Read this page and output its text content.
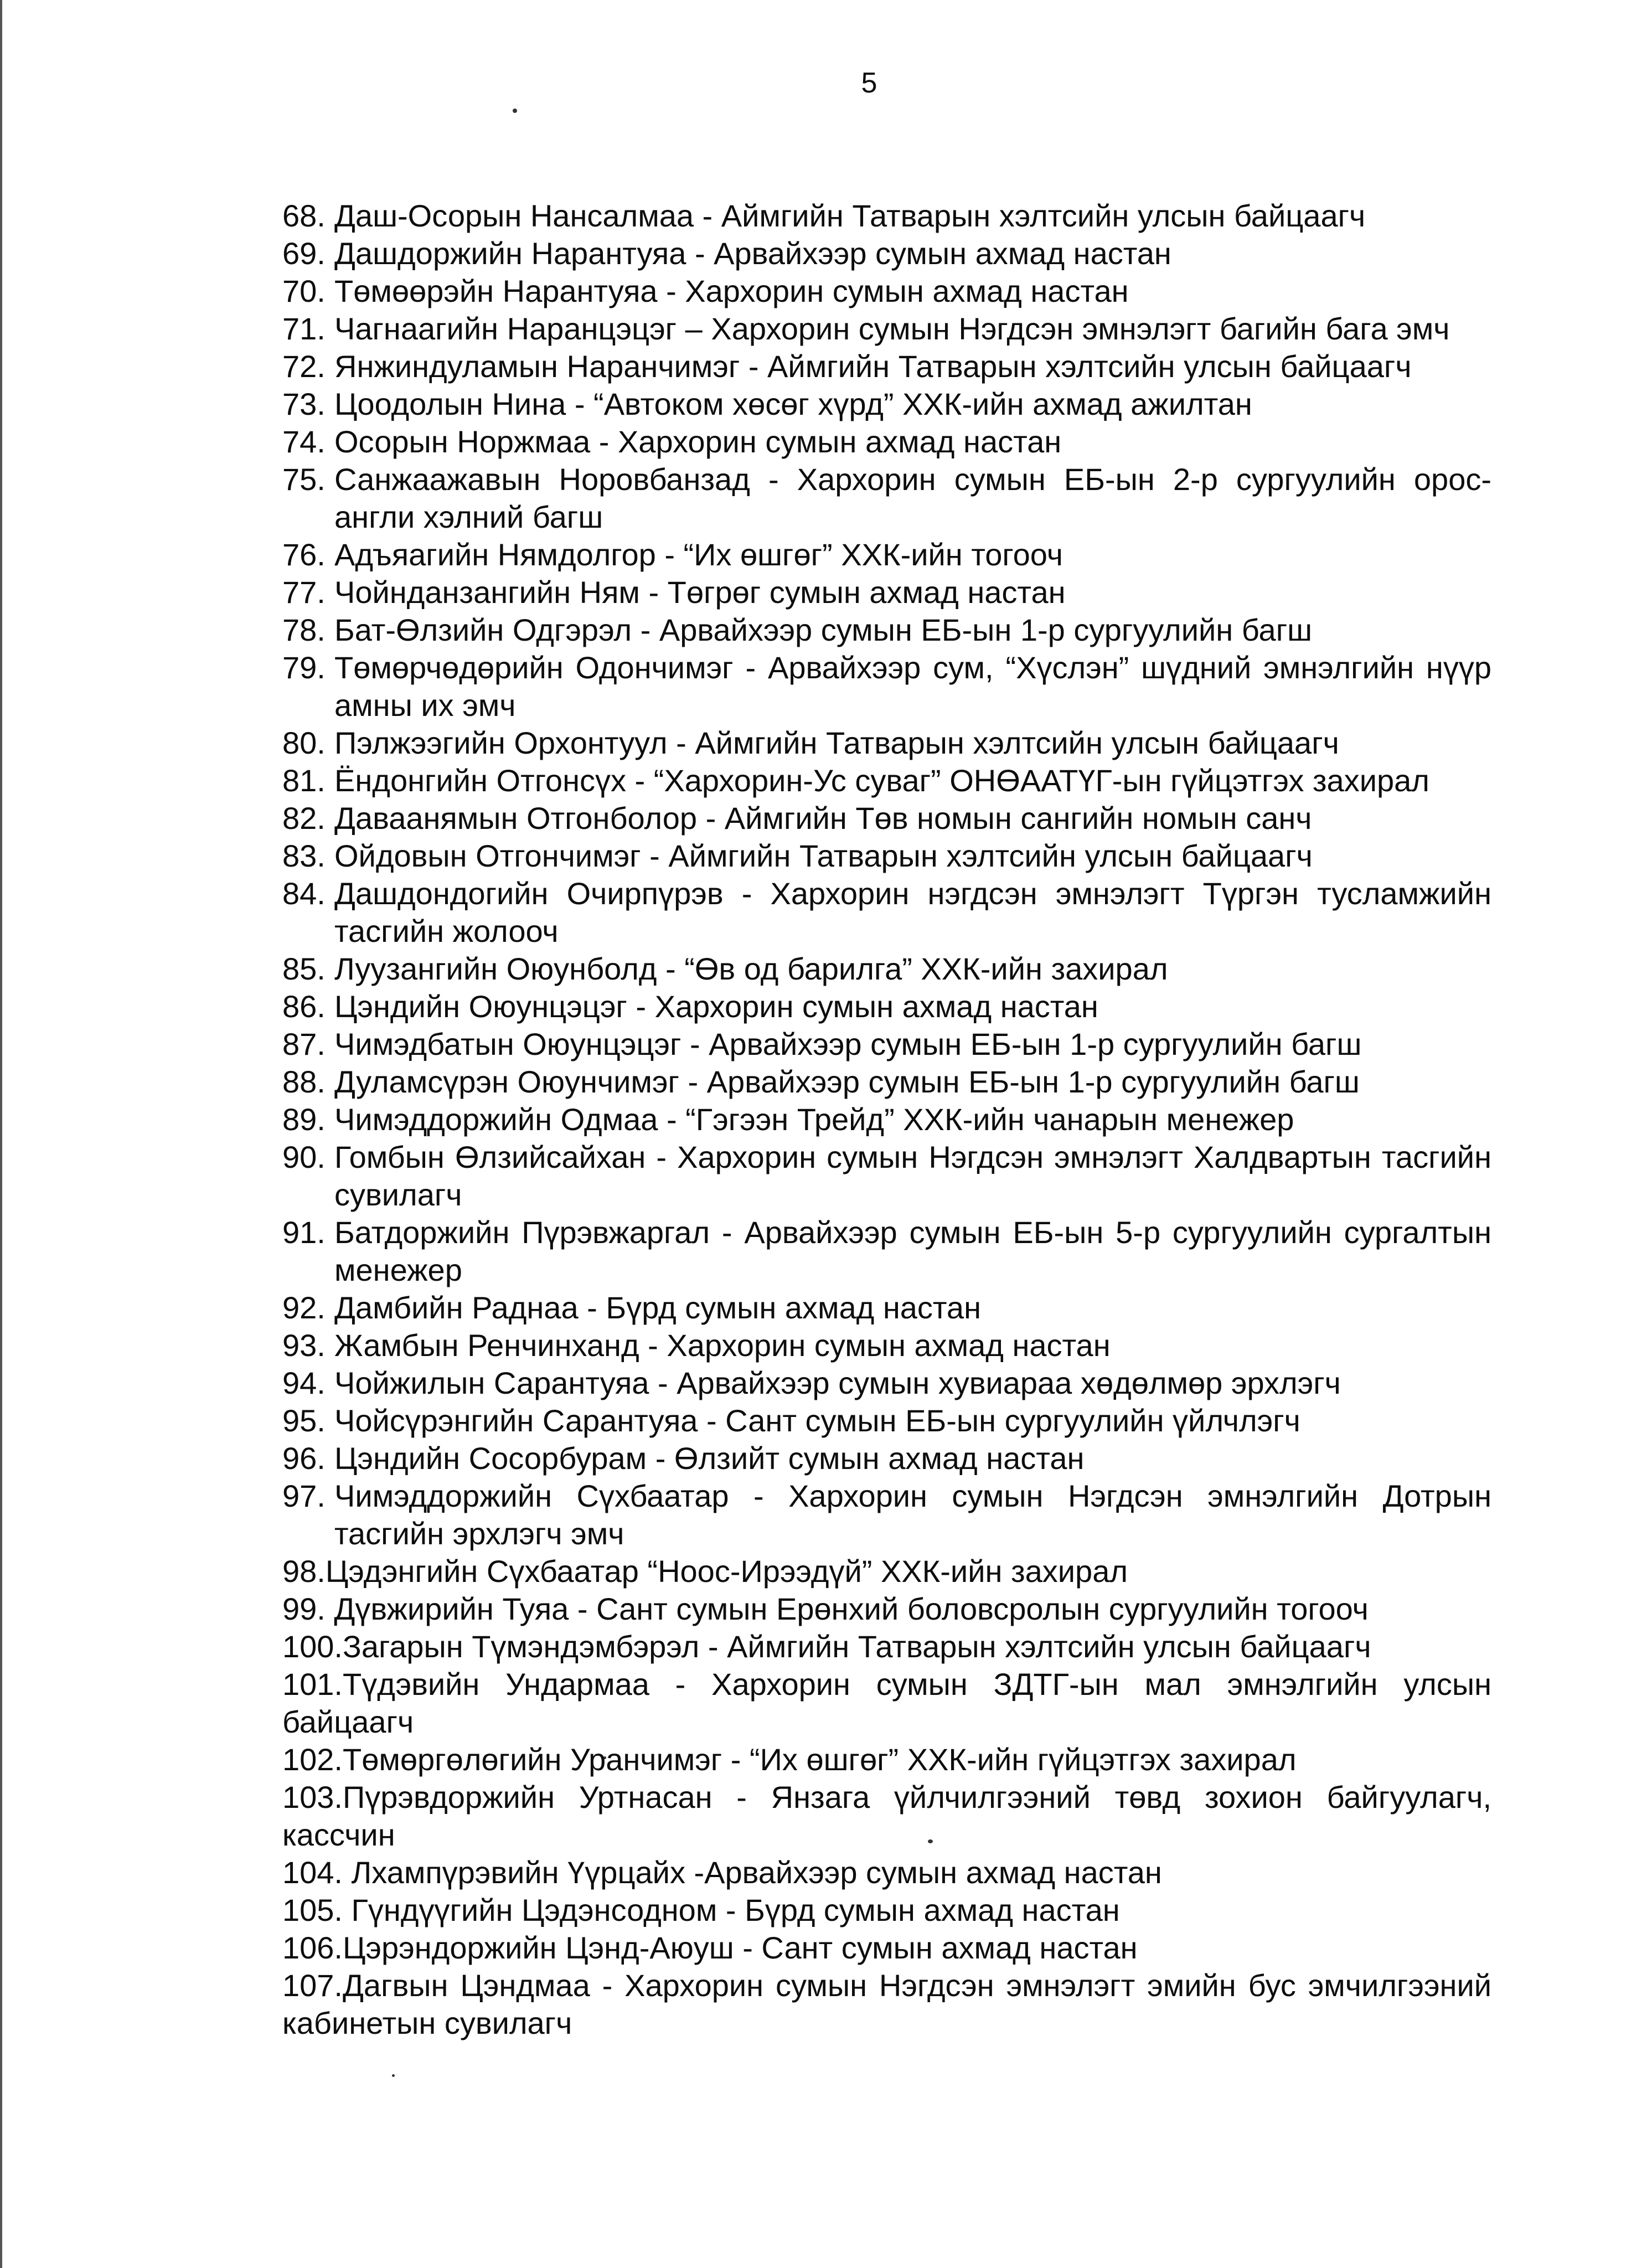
5
68. Даш-Осорын Нансалмаа - Аймгийн Татварын хэлтсийн улсын байцаагч
69. Дашдоржийн Нарантуяа - Арвайхээр сумын ахмад настан
70. Төмөөрэйн Нарантуяа - Хархорин сумын ахмад настан
71. Чагнаагийн Наранцэцэг – Хархорин сумын Нэгдсэн эмнэлэгт багийн бага эмч
72. Янжиндуламын Наранчимэг - Аймгийн Татварын хэлтсийн улсын байцаагч
73. Цоодолын Нина - “Автоком хөсөг хүрд” ХХК-ийн ахмад ажилтан
74. Осорын Норжмаа - Хархорин сумын ахмад настан
75. Санжаажавын Норовбанзад - Хархорин сумын ЕБ-ын 2-р сургуулийн орос-англи хэлний багш
76. Адъяагийн Нямдолгор - “Их өшгөг” ХХК-ийн тогооч
77. Чойнданзангийн Ням - Төгрөг сумын ахмад настан
78. Бат-Өлзийн Одгэрэл - Арвайхээр сумын ЕБ-ын 1-р сургуулийн багш
79. Төмөрчөдөрийн Одончимэг - Арвайхээр сум, “Хүслэн” шүдний эмнэлгийн нүүр амны их эмч
80. Пэлжээгийн Орхонтуул - Аймгийн Татварын хэлтсийн улсын байцаагч
81. Ёндонгийн Отгонсүх - “Хархорин-Ус суваг” ОНӨААТҮГ-ын гүйцэтгэх захирал
82. Даваанямын Отгонболор - Аймгийн Төв номын сангийн номын санч
83. Ойдовын Отгончимэг - Аймгийн Татварын хэлтсийн улсын байцаагч
84. Дашдондогийн Очирпүрэв - Хархорин нэгдсэн эмнэлэгт Түргэн тусламжийн тасгийн жолооч
85. Луузангийн Оюунболд - “Өв од барилга” ХХК-ийн захирал
86. Цэндийн Оюунцэцэг - Хархорин сумын ахмад настан
87. Чимэдбатын Оюунцэцэг - Арвайхээр сумын ЕБ-ын 1-р сургуулийн багш
88. Дуламсүрэн Оюунчимэг - Арвайхээр сумын ЕБ-ын 1-р сургуулийн багш
89. Чимэддоржийн Одмаа - “Гэгээн Трейд” ХХК-ийн чанарын менежер
90. Гомбын Өлзийсайхан - Хархорин сумын Нэгдсэн эмнэлэгт Халдвартын тасгийн сувилагч
91. Батдоржийн Пүрэвжаргал - Арвайхээр сумын ЕБ-ын 5-р сургуулийн сургалтын менежер
92. Дамбийн Раднаа - Бүрд сумын ахмад настан
93. Жамбын Ренчинханд - Хархорин сумын ахмад настан
94. Чойжилын Сарантуяа - Арвайхээр сумын хувиараа хөдөлмөр эрхлэгч
95. Чойсүрэнгийн Сарантуяа - Сант сумын ЕБ-ын сургуулийн үйлчлэгч
96. Цэндийн Сосорбурам - Өлзийт сумын ахмад настан
97. Чимэддоржийн Сүхбаатар - Хархорин сумын Нэгдсэн эмнэлгийн Дотрын тасгийн эрхлэгч эмч
98.Цэдэнгийн Сүхбаатар “Ноос-Ирээдүй” ХХК-ийн захирал
99. Дүвжирийн Туяа - Сант сумын Ерөнхий боловсролын сургуулийн тогооч
100.Загарын Түмэндэмбэрэл - Аймгийн Татварын хэлтсийн улсын байцаагч
101.Түдэвийн Ундармаа - Хархорин сумын ЗДТГ-ын мал эмнэлгийн улсын байцаагч
102.Төмөргөлөгийн Уранчимэг - “Их өшгөг” ХХК-ийн гүйцэтгэх захирал
103.Пүрэвдоржийн Уртнасан - Янзага үйлчилгээний төвд зохион байгуулагч, кассчин
104. Лхампүрэвийн Үүрцайх -Арвайхээр сумын ахмад настан
105. Гүндүүгийн Цэдэнсодном - Бүрд сумын ахмад настан
106.Цэрэндоржийн Цэнд-Аюуш - Сант сумын ахмад настан
107.Дагвын Цэндмаа - Хархорин сумын Нэгдсэн эмнэлэгт эмийн бус эмчилгээний кабинетын сувилагч
